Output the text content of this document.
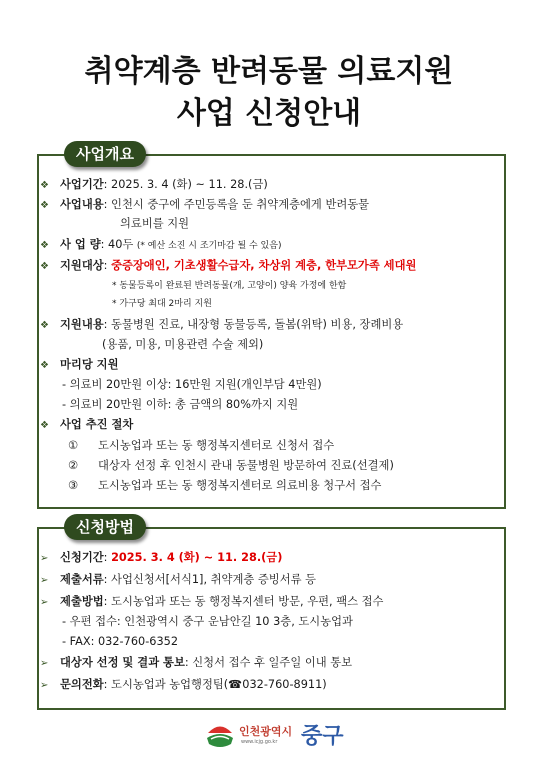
취약계층 반려동물 의료지원
사업 신청안내
사업개요
❖ 사업기간: 2025. 3. 4 (화) ~ 11. 28.(금)
❖ 사업내용: 인천시 중구에 주민등록을 둔 취약계층에게 반려동물
의료비를 지원
❖ 사 업 량: 40두 (* 예산 소진 시 조기마감 될 수 있음)
❖ 지원대상: 중증장애인, 기초생활수급자, 차상위 계층, 한부모가족 세대원
* 동물등록이 완료된 반려동물(개, 고양이) 양육 가정에 한함
* 가구당 최대 2마리 지원
❖ 지원내용: 동물병원 진료, 내장형 동물등록, 돌봄(위탁) 비용, 장례비용
(용품, 미용, 미용관련 수술 제외)
❖ 마리당 지원
- 의료비 20만원 이상: 16만원 지원(개인부담 4만원)
- 의료비 20만원 이하: 총 금액의 80%까지 지원
❖ 사업 추진 절차
① 도시농업과 또는 동 행정복지센터로 신청서 접수
② 대상자 선정 후 인천시 관내 동물병원 방문하여 진료(선결제)
③ 도시농업과 또는 동 행정복지센터로 의료비용 청구서 접수
신청방법
➢ 신청기간: 2025. 3. 4 (화) ~ 11. 28.(금)
➢ 제출서류: 사업신청서[서식1], 취약계층 증빙서류 등
➢ 제출방법: 도시농업과 또는 동 행정복지센터 방문, 우편, 팩스 접수
- 우편 접수: 인천광역시 중구 운남안길 10 3층, 도시농업과
- FAX: 032-760-6352
➢ 대상자 선정 및 결과 통보: 신청서 접수 후 일주일 이내 통보
➢ 문의전화: 도시농업과 농업행정팀(☎032-760-8911)
인천광역시
www.icjg.go.kr 중구
